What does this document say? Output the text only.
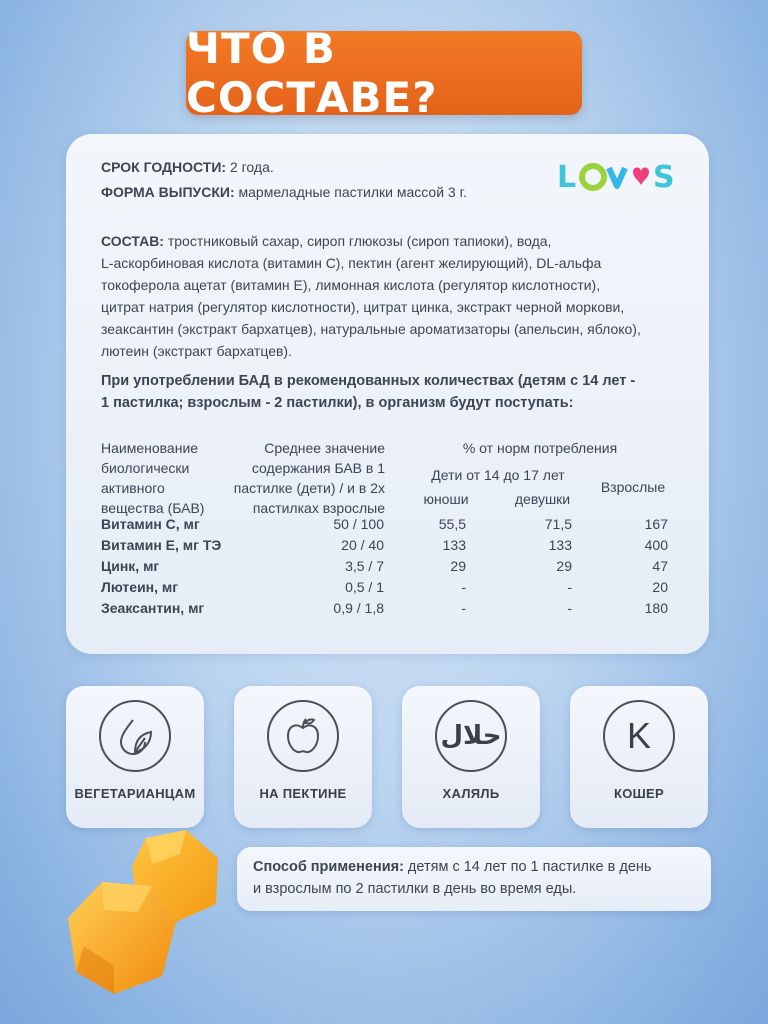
ЧТО В СОСТАВЕ?
СРОК ГОДНОСТИ: 2 года.
ФОРМА ВЫПУСКИ: мармеладные пастилки массой 3 г.	L	S
СОСТАВ: тростниковый сахар, сироп глюкозы (сироп тапиоки), вода,
L-аскорбиновая кислота (витамин С), пектин (агент желирующий), DL-альфа
токоферола ацетат (витамин Е), лимонная кислота (регулятор кислотности),
цитрат натрия (регулятор кислотности), цитрат цинка, экстракт черной моркови,
зеаксантин (экстракт бархатцев), натуральные ароматизаторы (апельсин, яблоко),
лютеин (экстракт бархатцев).
При употреблении БАД в рекомендованных количествах (детям с 14 лет -
1 пастилка; взрослым - 2 пастилки), в организм будут поступать:
Наименование
биологически
активного
вещества (БАВ)
Среднее значение
содержания БАВ в 1
пастилке (дети) / и в 2х
пастилках взрослые
% от норм потребления
Дети от 14 до 17 лет
юноши	девушки
Взрослые
Витамин С, мг	50 / 100	55,5	71,5	167
Витамин Е, мг ТЭ	20 / 40	133	133	400
Цинк, мг	3,5 / 7	29	29	47
Лютеин, мг	0,5 / 1	-	-	20
Зеаксантин, мг	0,9 / 1,8	-	-	180
ВЕГЕТАРИАНЦАМ	НА ПЕКТИНЕ
حلال
ХАЛЯЛЬ
K
КОШЕР
Способ применения: детям с 14 лет по 1 пастилке в день
и взрослым по 2 пастилки в день во время еды.
